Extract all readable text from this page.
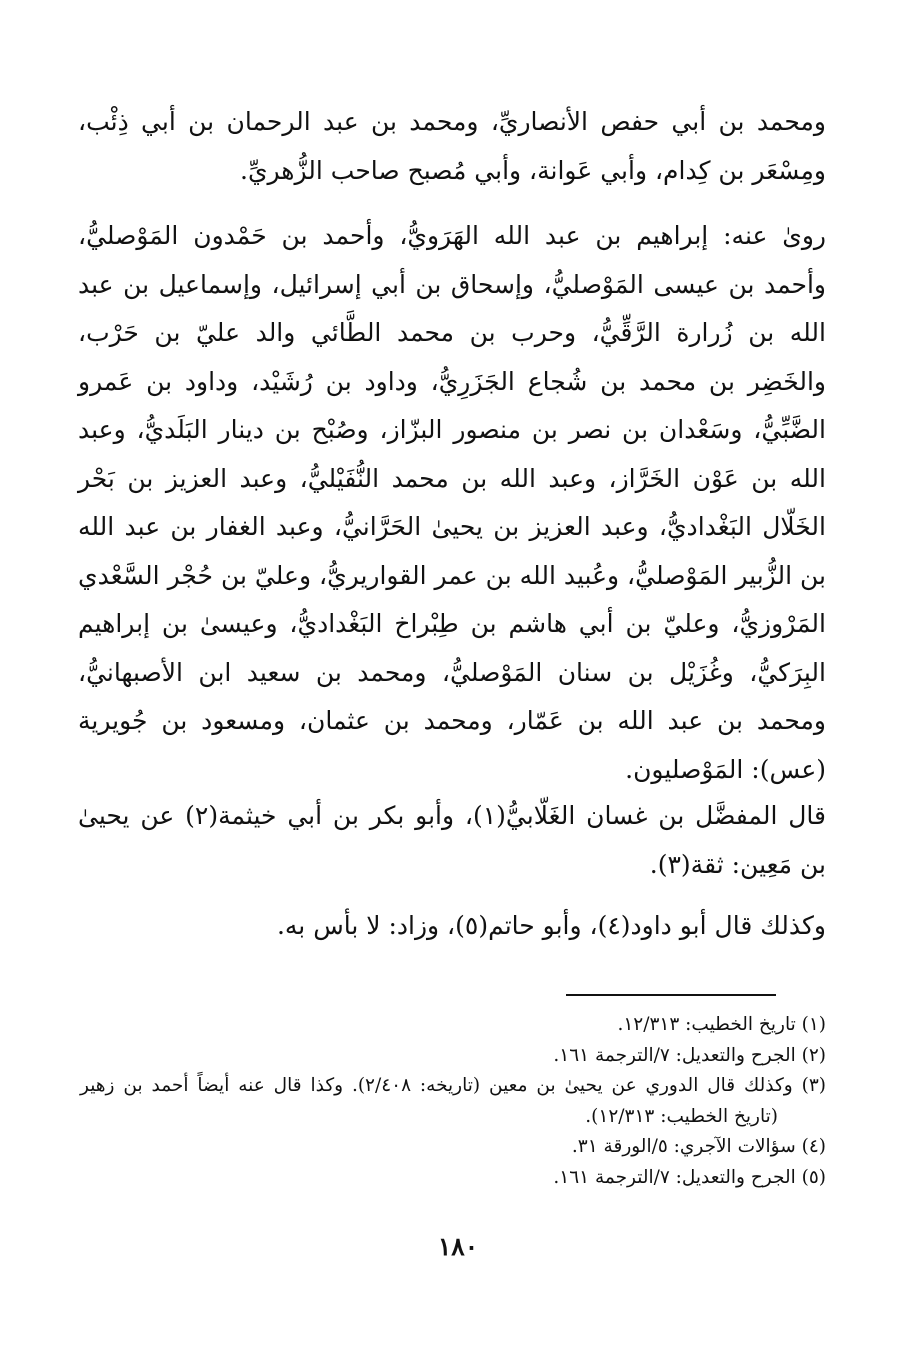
ومحمد بن أبي حفص الأنصاريِّ، ومحمد بن عبد الرحمان بن أبي ذِئْب، ومِسْعَر بن كِدام، وأبي عَوانة، وأبي مُصبح صاحب الزُّهريِّ.

روىٰ عنه: إبراهيم بن عبد الله الهَرَويُّ، وأحمد بن حَمْدون المَوْصليُّ، وأحمد بن عيسى المَوْصليُّ، وإسحاق بن أبي إسرائيل، وإسماعيل بن عبد الله بن زُرارة الرَّقِّيُّ، وحرب بن محمد الطَّائي والد عليّ بن حَرْب، والخَضِر بن محمد بن شُجاع الجَزَرِيُّ، وداود بن رُشَيْد، وداود بن عَمرو الضَّبِّيُّ، وسَعْدان بن نصر بن منصور البزّاز، وصُبْح بن دينار البَلَديُّ، وعبد الله بن عَوْن الخَرَّاز، وعبد الله بن محمد النُّفَيْليُّ، وعبد العزيز بن بَحْر الخَلّال البَغْداديُّ، وعبد العزيز بن يحيىٰ الحَرَّانيُّ، وعبد الغفار بن عبد الله بن الزُّبير المَوْصليُّ، وعُبيد الله بن عمر القواريريُّ، وعليّ بن حُجْر السَّعْدي المَرْوزيُّ، وعليّ بن أبي هاشم بن طِبْراخ البَغْداديُّ، وعيسىٰ بن إبراهيم البِرَكيُّ، وغُزَيْل بن سنان المَوْصليُّ، ومحمد بن سعيد ابن الأصبهانيُّ، ومحمد بن عبد الله بن عَمّار، ومحمد بن عثمان، ومسعود بن جُويرية (عس): المَوْصليون.

قال المفضَّل بن غسان الغَلّابيُّ(١)، وأبو بكر بن أبي خيثمة(٢) عن يحيىٰ بن مَعِين: ثقة(٣).

وكذلك قال أبو داود(٤)، وأبو حاتم(٥)، وزاد: لا بأس به.

(١) تاريخ الخطيب: ١٢/٣١٣.

(٢) الجرح والتعديل: ٧/الترجمة ١٦١.

(٣) وكذلك قال الدوري عن يحيىٰ بن معين (تاريخه: ٢/٤٠٨). وكذا قال عنه أيضاً أحمد بن زهير (تاريخ الخطيب: ١٢/٣١٣).

(٤) سؤالات الآجري: ٥/الورقة ٣١.

(٥) الجرح والتعديل: ٧/الترجمة ١٦١.

١٨٠
